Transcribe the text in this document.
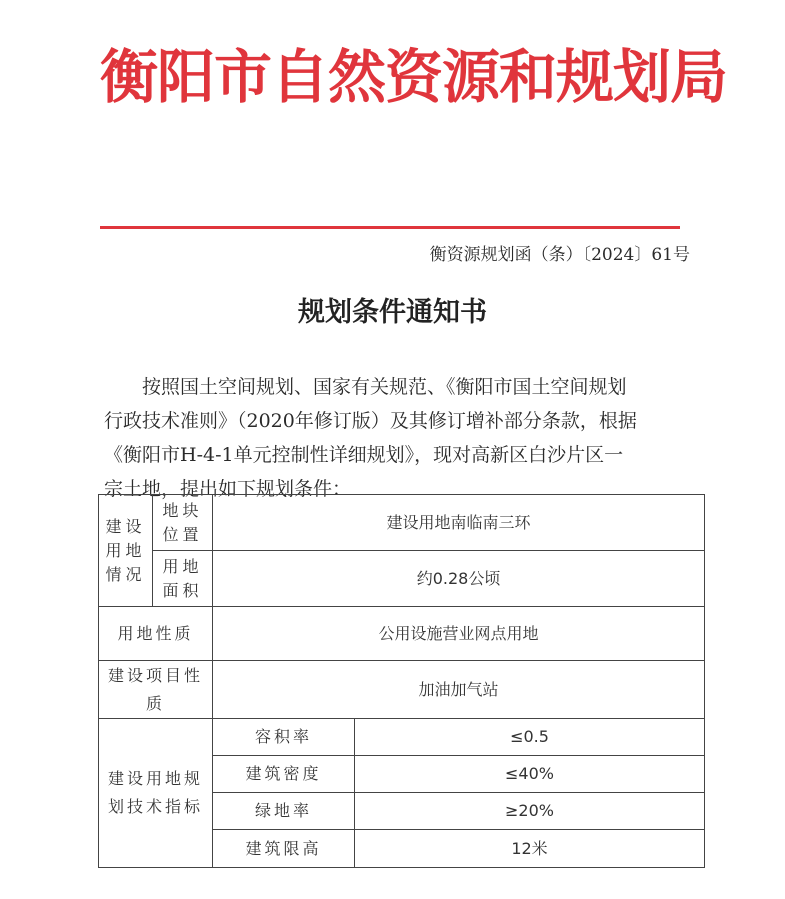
衡阳市自然资源和规划局
衡资源规划函（条）〔2024〕61号
规划条件通知书
按照国土空间规划、国家有关规范、《衡阳市国土空间规划
行政技术准则》（2020年修订版）及其修订增补部分条款，根据
《衡阳市H-4-1单元控制性详细规划》，现对高新区白沙片区一
宗土地，提出如下规划条件：
建设用地情况	地块位置	建设用地南临南三环	
	用地面积	约0.28公顷	
用地性质		公用设施营业网点用地	
建设项目性　　质		加油加气站	
建设用地规划技术指标		容积率	≤0.5
		建筑密度	≤40%
		绿地率	≥20%
		建筑限高	12米
